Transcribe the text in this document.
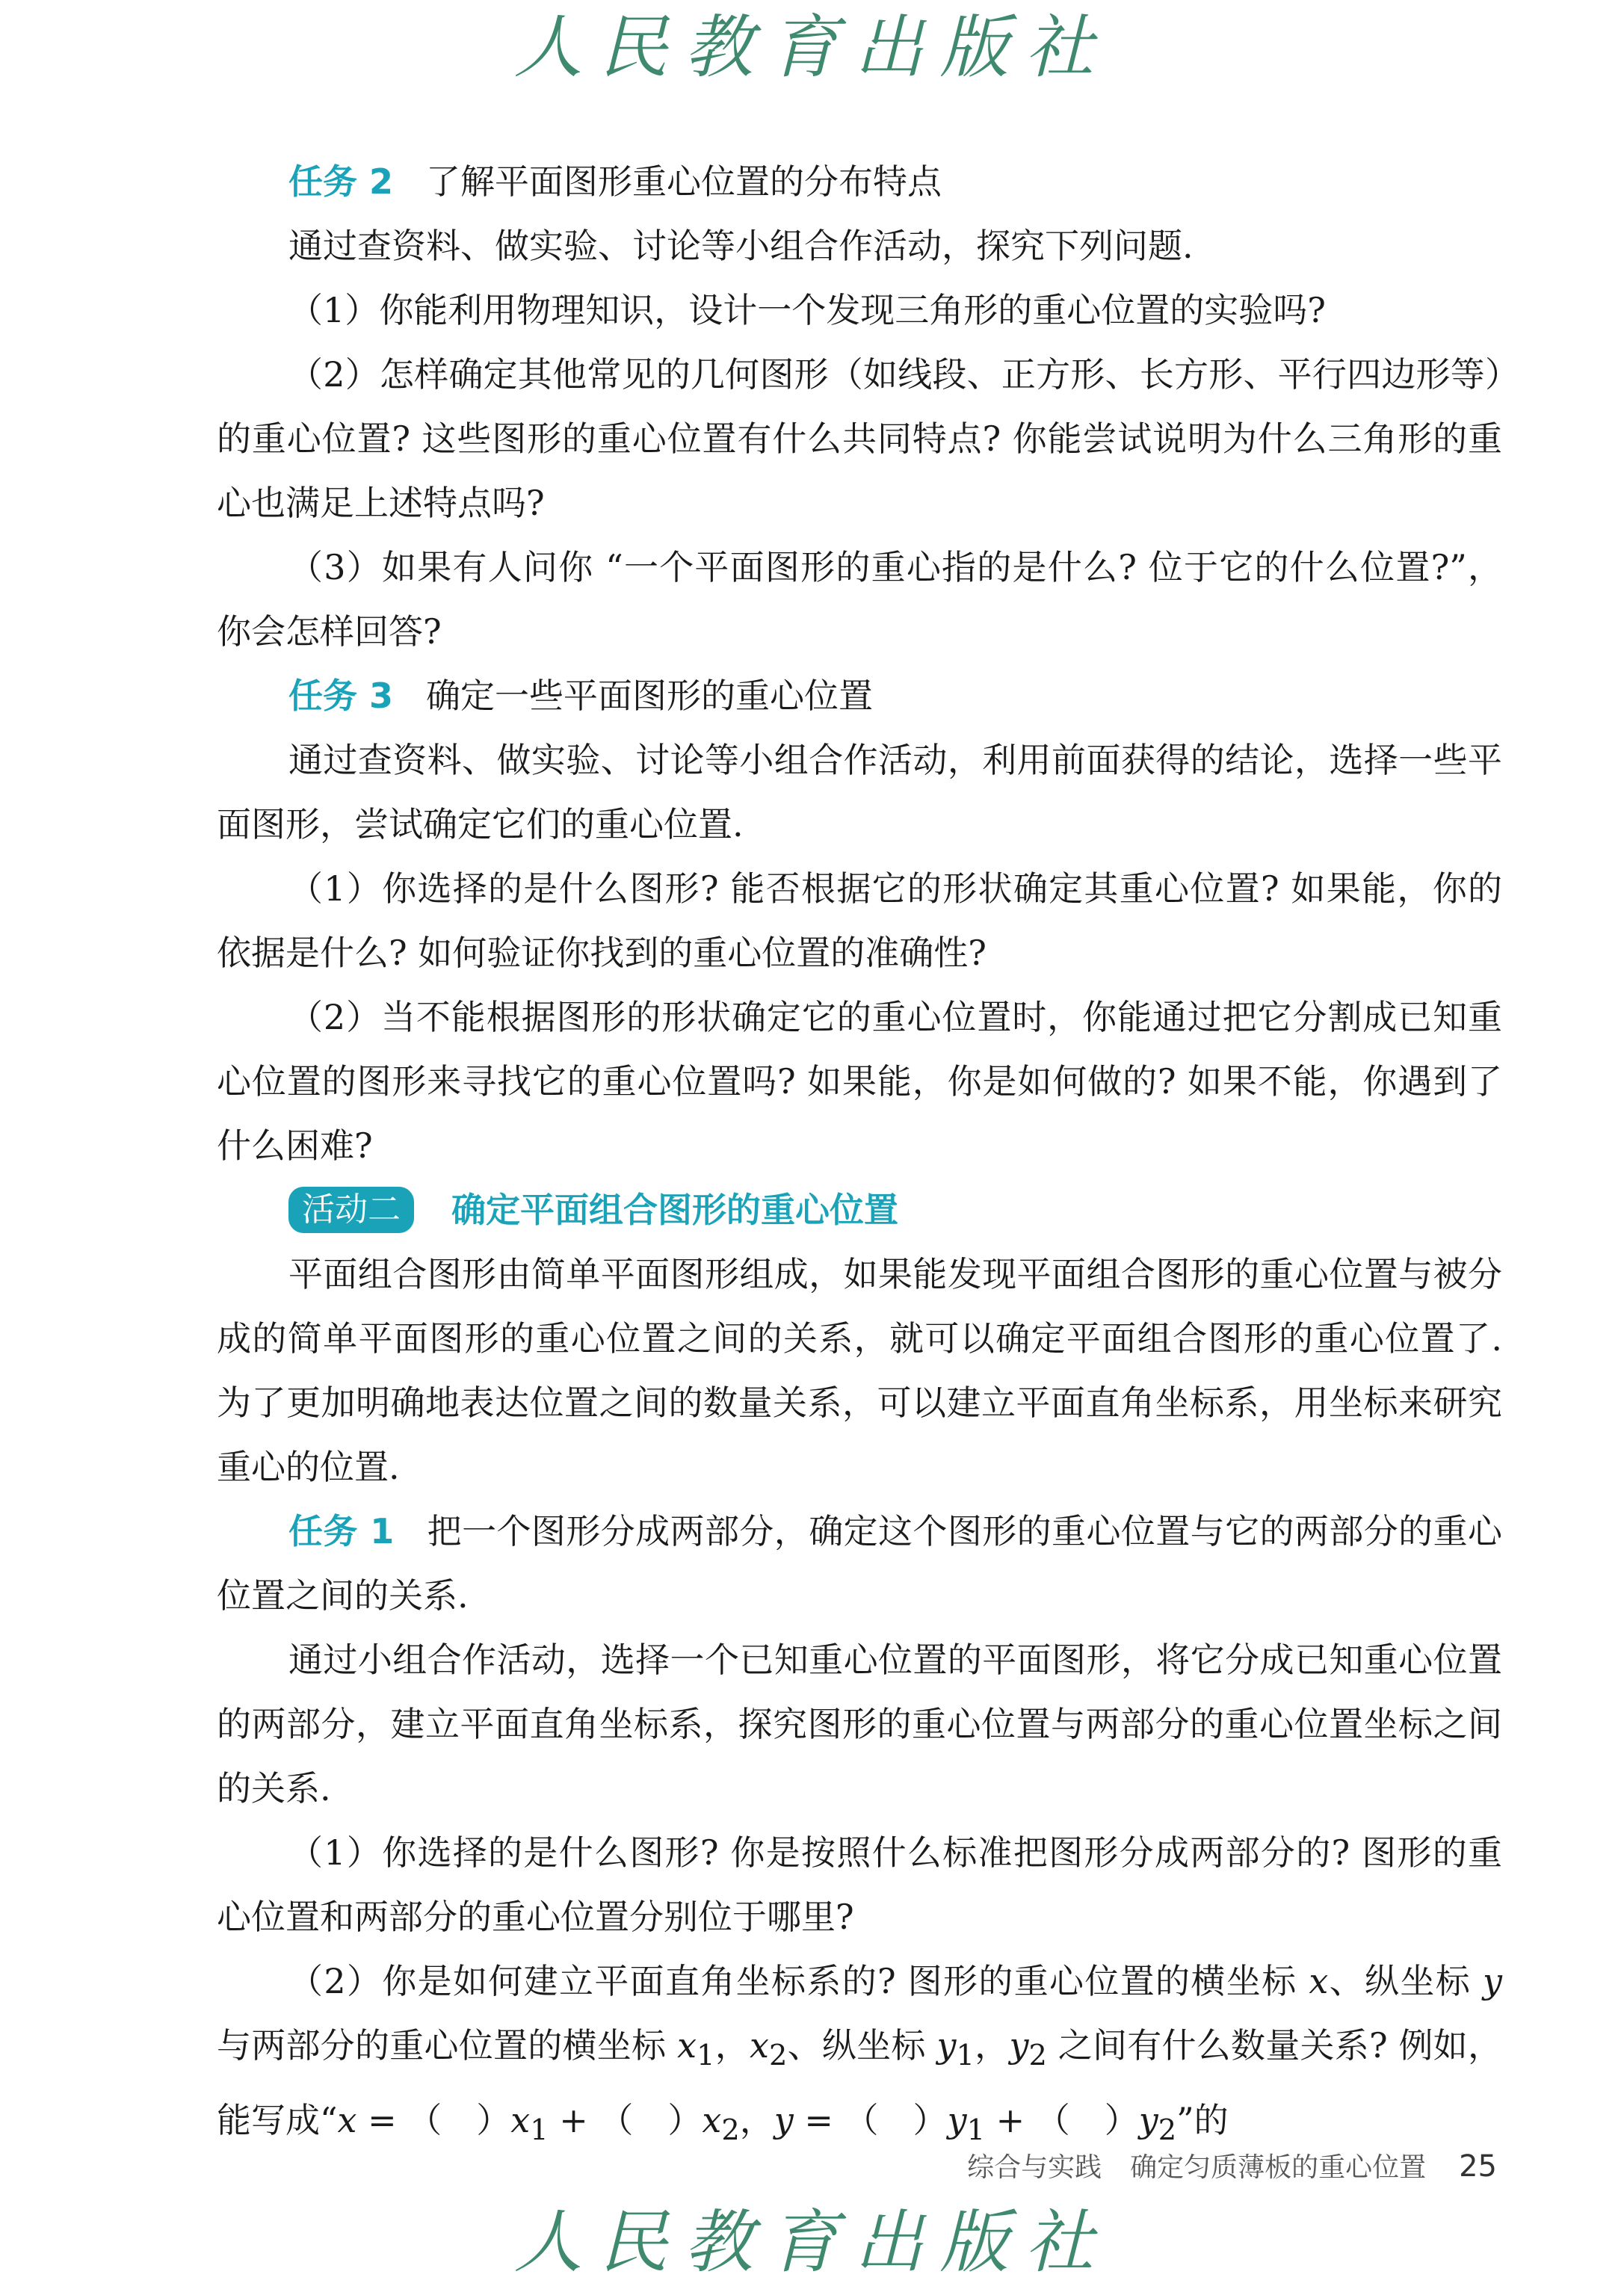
人民教育出版社

任务 2 了解平面图形重心位置的分布特点

通过查资料、做实验、讨论等小组合作活动，探究下列问题.

（1）你能利用物理知识，设计一个发现三角形的重心位置的实验吗?

（2）怎样确定其他常见的几何图形（如线段、正方形、长方形、平行四边形等）的重心位置? 这些图形的重心位置有什么共同特点? 你能尝试说明为什么三角形的重心也满足上述特点吗?

（3）如果有人问你 “一个平面图形的重心指的是什么? 位于它的什么位置?”，你会怎样回答?

任务 3 确定一些平面图形的重心位置

通过查资料、做实验、讨论等小组合作活动，利用前面获得的结论，选择一些平面图形，尝试确定它们的重心位置.

（1）你选择的是什么图形? 能否根据它的形状确定其重心位置? 如果能，你的依据是什么? 如何验证你找到的重心位置的准确性?

（2）当不能根据图形的形状确定它的重心位置时，你能通过把它分割成已知重心位置的图形来寻找它的重心位置吗? 如果能，你是如何做的? 如果不能，你遇到了什么困难?

活动二	确定平面组合图形的重心位置

平面组合图形由简单平面图形组成，如果能发现平面组合图形的重心位置与被分成的简单平面图形的重心位置之间的关系，就可以确定平面组合图形的重心位置了. 为了更加明确地表达位置之间的数量关系，可以建立平面直角坐标系，用坐标来研究重心的位置.

任务 1 把一个图形分成两部分，确定这个图形的重心位置与它的两部分的重心位置之间的关系.

通过小组合作活动，选择一个已知重心位置的平面图形，将它分成已知重心位置的两部分，建立平面直角坐标系，探究图形的重心位置与两部分的重心位置坐标之间的关系.

（1）你选择的是什么图形? 你是按照什么标准把图形分成两部分的? 图形的重心位置和两部分的重心位置分别位于哪里?

（2）你是如何建立平面直角坐标系的? 图形的重心位置的横坐标 x、纵坐标 y 与两部分的重心位置的横坐标 $x_1$，$x_2$、纵坐标 $y_1$，$y_2$ 之间有什么数量关系? 例如，能写成“x = （　）$x_1$ + （　）$x_2$，y = （　）$y_1$ + （　）$y_2$”的

综合与实践 确定匀质薄板的重心位置 25
人民教育出版社
